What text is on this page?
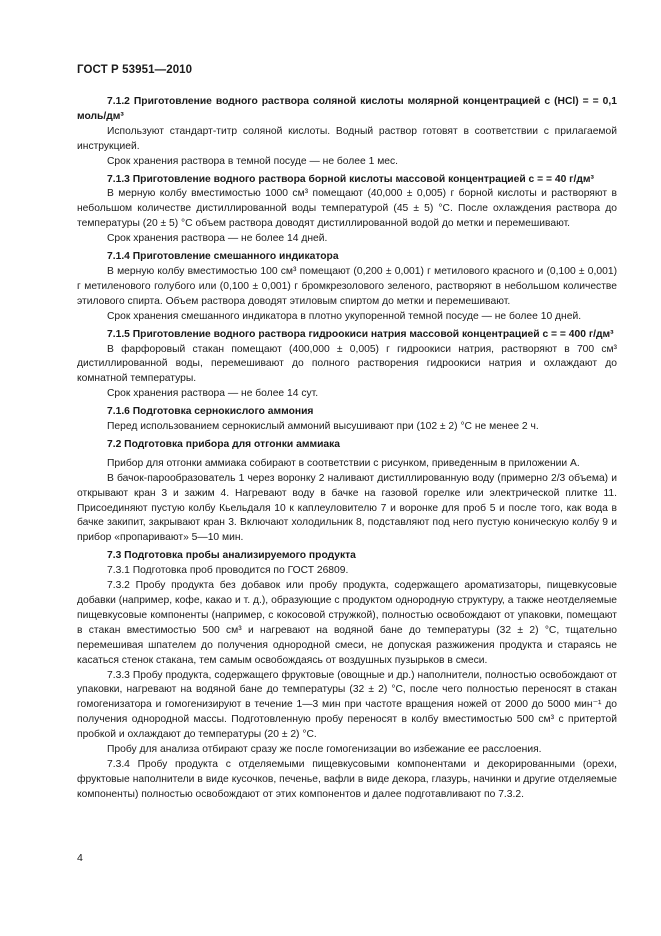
ГОСТ Р 53951—2010
7.1.2 Приготовление водного раствора соляной кислоты молярной концентрацией c (HCl) = = 0,1 моль/дм³
Используют стандарт-титр соляной кислоты. Водный раствор готовят в соответствии с прилагаемой инструкцией.
Срок хранения раствора в темной посуде — не более 1 мес.
7.1.3 Приготовление водного раствора борной кислоты массовой концентрацией c = = 40 г/дм³
В мерную колбу вместимостью 1000 см³ помещают (40,000 ± 0,005) г борной кислоты и растворяют в небольшом количестве дистиллированной воды температурой (45 ± 5) °С. После охлаждения раствора до температуры (20 ± 5) °С объем раствора доводят дистиллированной водой до метки и перемешивают.
Срок хранения раствора — не более 14 дней.
7.1.4 Приготовление смешанного индикатора
В мерную колбу вместимостью 100 см³ помещают (0,200 ± 0,001) г метилового красного и (0,100 ± 0,001) г метиленового голубого или (0,100 ± 0,001) г бромкрезолового зеленого, растворяют в небольшом количестве этилового спирта. Объем раствора доводят этиловым спиртом до метки и перемешивают.
Срок хранения смешанного индикатора в плотно укупоренной темной посуде — не более 10 дней.
7.1.5 Приготовление водного раствора гидроокиси натрия массовой концентрацией c = = 400 г/дм³
В фарфоровый стакан помещают (400,000 ± 0,005) г гидроокиси натрия, растворяют в 700 см³ дистиллированной воды, перемешивают до полного растворения гидроокиси натрия и охлаждают до комнатной температуры.
Срок хранения раствора — не более 14 сут.
7.1.6 Подготовка сернокислого аммония
Перед использованием сернокислый аммоний высушивают при (102 ± 2) °С не менее 2 ч.
7.2 Подготовка прибора для отгонки аммиака
Прибор для отгонки аммиака собирают в соответствии с рисунком, приведенным в приложении А.
В бачок-парообразователь 1 через воронку 2 наливают дистиллированную воду (примерно 2/3 объема) и открывают кран 3 и зажим 4. Нагревают воду в бачке на газовой горелке или электрической плитке 11. Присоединяют пустую колбу Кьельдаля 10 к каплеуловителю 7 и воронке для проб 5 и после того, как вода в бачке закипит, закрывают кран 3. Включают холодильник 8, подставляют под него пустую коническую колбу 9 и прибор «пропаривают» 5—10 мин.
7.3 Подготовка пробы анализируемого продукта
7.3.1 Подготовка проб проводится по ГОСТ 26809.
7.3.2 Пробу продукта без добавок или пробу продукта, содержащего ароматизаторы, пищевкусовые добавки (например, кофе, какао и т. д.), образующие с продуктом однородную структуру, а также неотделяемые пищевкусовые компоненты (например, с кокосовой стружкой), полностью освобождают от упаковки, помещают в стакан вместимостью 500 см³ и нагревают на водяной бане до температуры (32 ± 2) °С, тщательно перемешивая шпателем до получения однородной смеси, не допуская разжижения продукта и стараясь не касаться стенок стакана, тем самым освобождаясь от воздушных пузырьков в смеси.
7.3.3 Пробу продукта, содержащего фруктовые (овощные и др.) наполнители, полностью освобождают от упаковки, нагревают на водяной бане до температуры (32 ± 2) °С, после чего полностью переносят в стакан гомогенизатора и гомогенизируют в течение 1—3 мин при частоте вращения ножей от 2000 до 5000 мин⁻¹ до получения однородной массы. Подготовленную пробу переносят в колбу вместимостью 500 см³ с притертой пробкой и охлаждают до температуры (20 ± 2) °С.
Пробу для анализа отбирают сразу же после гомогенизации во избежание ее расслоения.
7.3.4 Пробу продукта с отделяемыми пищевкусовыми компонентами и декорированными (орехи, фруктовые наполнители в виде кусочков, печенье, вафли в виде декора, глазурь, начинки и другие отделяемые компоненты) полностью освобождают от этих компонентов и далее подготавливают по 7.3.2.
4
